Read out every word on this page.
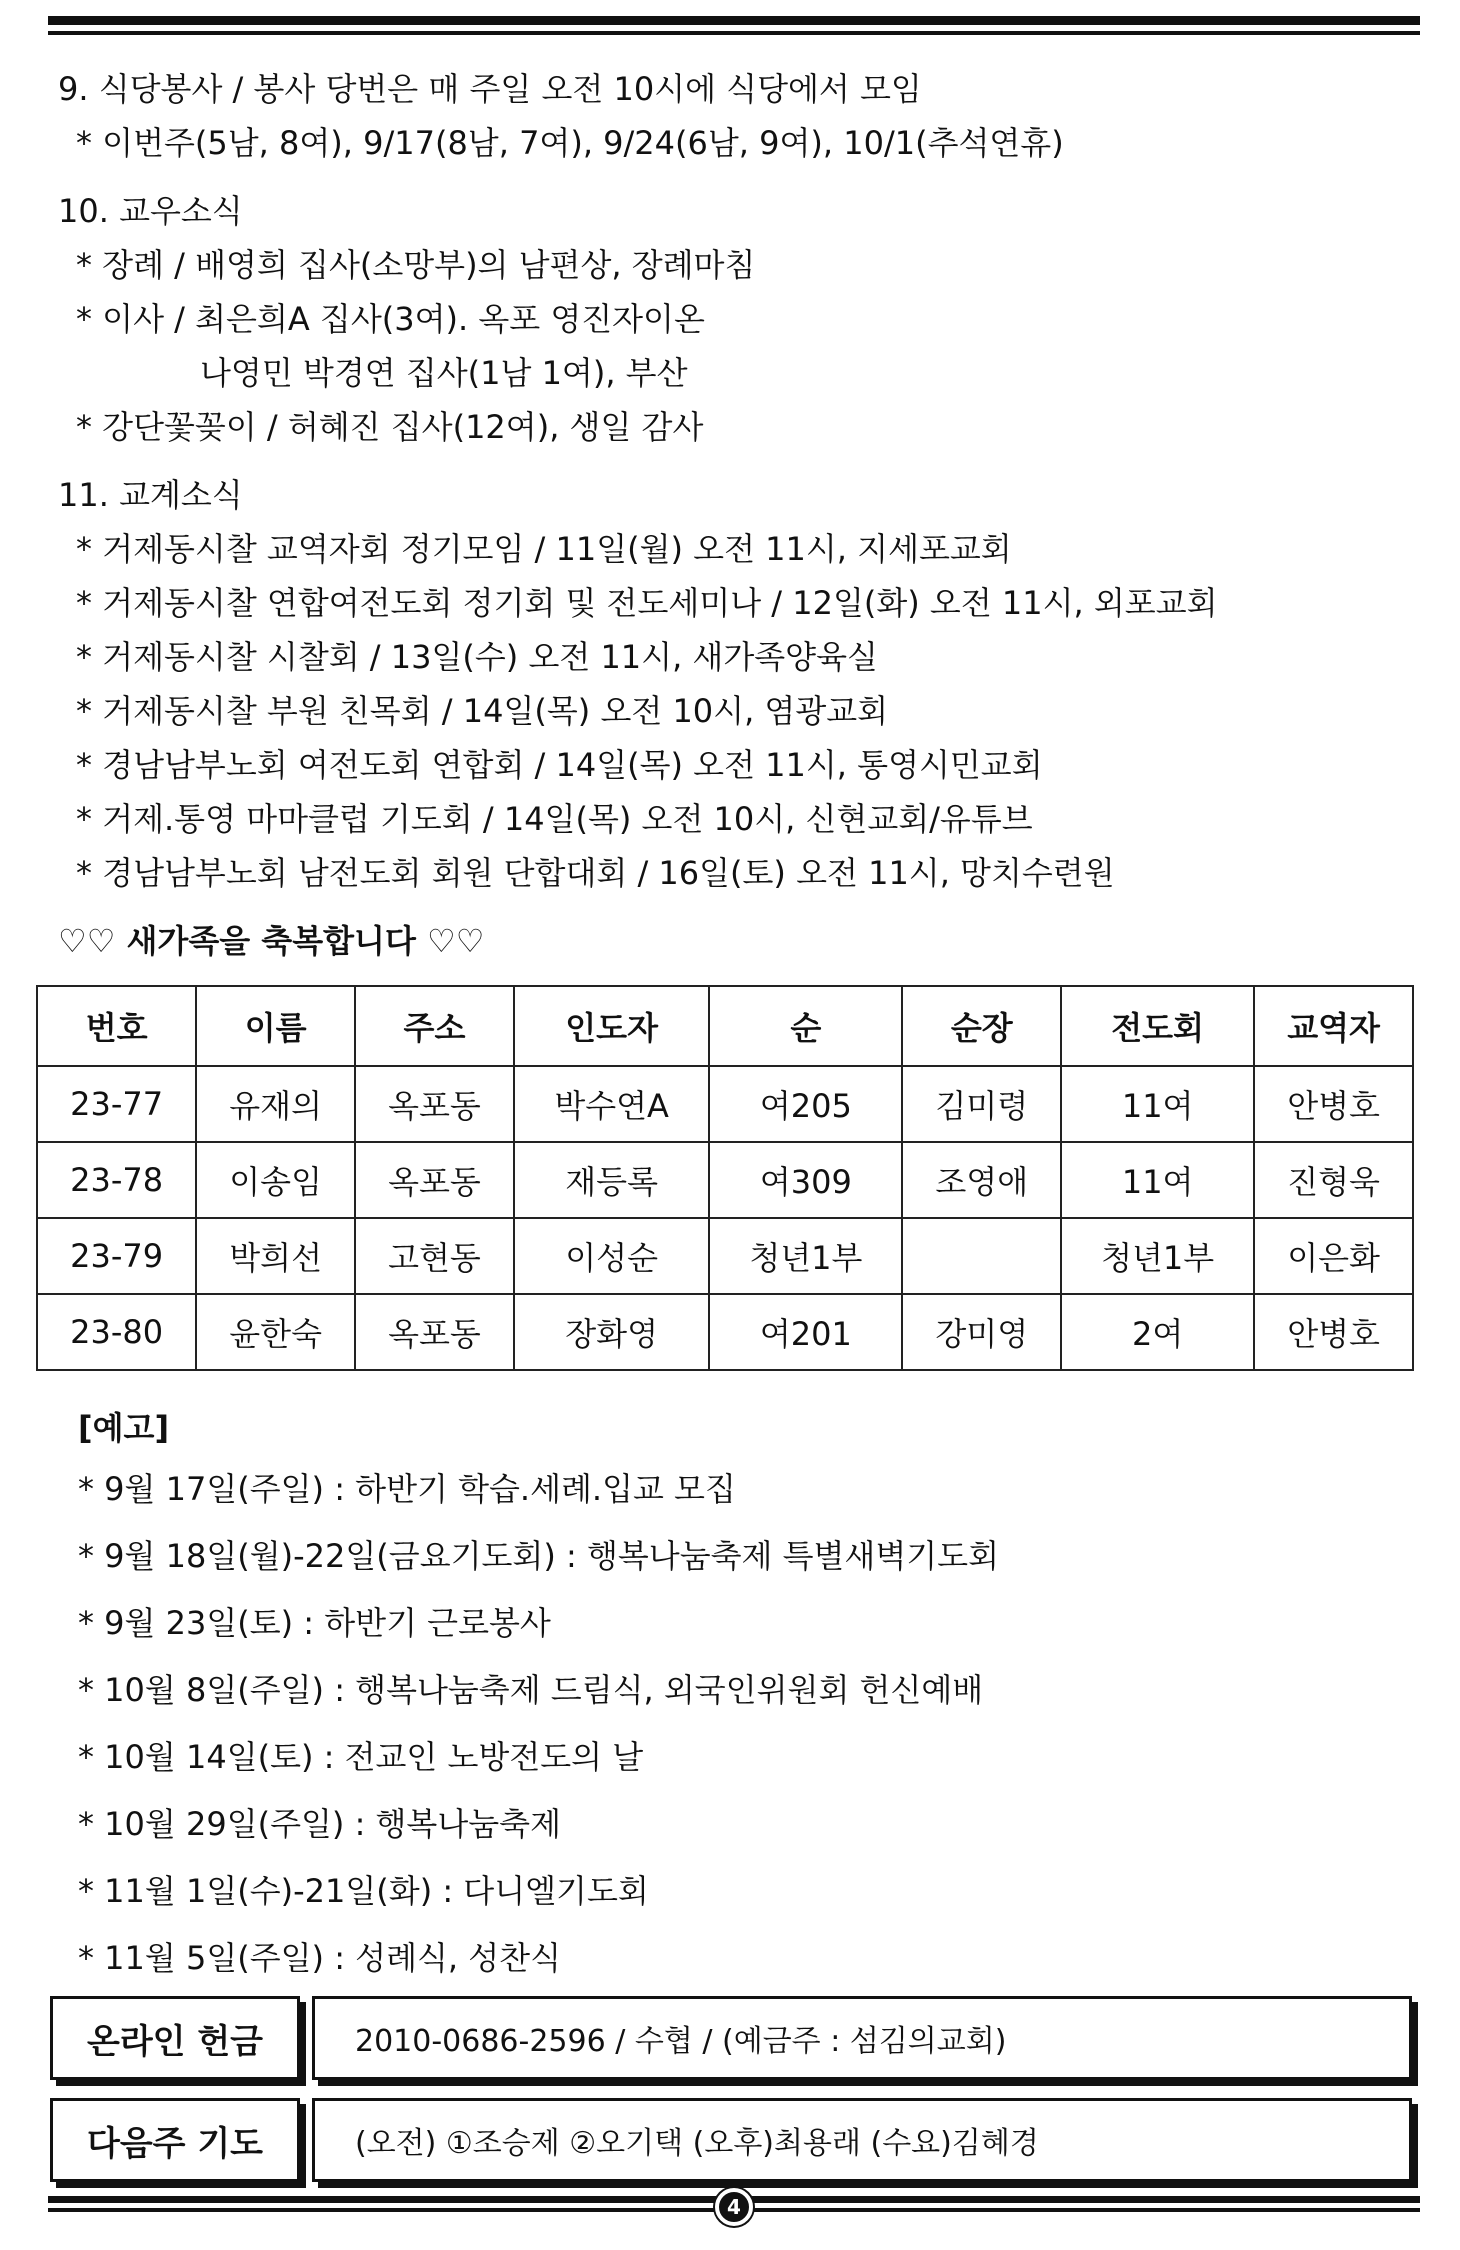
9. 식당봉사 / 봉사 당번은 매 주일 오전 10시에 식당에서 모임
* 이번주(5남, 8여), 9/17(8남, 7여), 9/24(6남, 9여), 10/1(추석연휴)
10. 교우소식
* 장례 / 배영희 집사(소망부)의 남편상, 장례마침
* 이사 / 최은희A 집사(3여). 옥포 영진자이온
나영민 박경연 집사(1남 1여), 부산
* 강단꽃꽂이 / 허혜진 집사(12여), 생일 감사
11. 교계소식
* 거제동시찰 교역자회 정기모임 / 11일(월) 오전 11시, 지세포교회
* 거제동시찰 연합여전도회 정기회 및 전도세미나 / 12일(화) 오전 11시, 외포교회
* 거제동시찰 시찰회 / 13일(수) 오전 11시, 새가족양육실
* 거제동시찰 부원 친목회 / 14일(목) 오전 10시, 염광교회
* 경남남부노회 여전도회 연합회 / 14일(목) 오전 11시, 통영시민교회
* 거제.통영 마마클럽 기도회 / 14일(목) 오전 10시, 신현교회/유튜브
* 경남남부노회 남전도회 회원 단합대회 / 16일(토) 오전 11시, 망치수련원
♡♡ 새가족을 축복합니다 ♡♡
번호	이름	주소	인도자	순	순장	전도회	교역자
23-77	유재의	옥포동	박수연A	여205	김미령	11여	안병호
23-78	이송임	옥포동	재등록	여309	조영애	11여	진형욱
23-79	박희선	고현동	이성순	청년1부		청년1부	이은화
23-80	윤한숙	옥포동	장화영	여201	강미영	2여	안병호
[예고]
* 9월 17일(주일) : 하반기 학습.세례.입교 모집
* 9월 18일(월)-22일(금요기도회) : 행복나눔축제 특별새벽기도회
* 9월 23일(토) : 하반기 근로봉사
* 10월 8일(주일) : 행복나눔축제 드림식, 외국인위원회 헌신예배
* 10월 14일(토) : 전교인 노방전도의 날
* 10월 29일(주일) : 행복나눔축제
* 11월 1일(수)-21일(화) : 다니엘기도회
* 11월 5일(주일) : 성례식, 성찬식
온라인 헌금	2010-0686-2596 / 수협 / (예금주 : 섬김의교회)
다음주 기도	(오전) ①조승제 ②오기택 (오후)최용래 (수요)김혜경
4
